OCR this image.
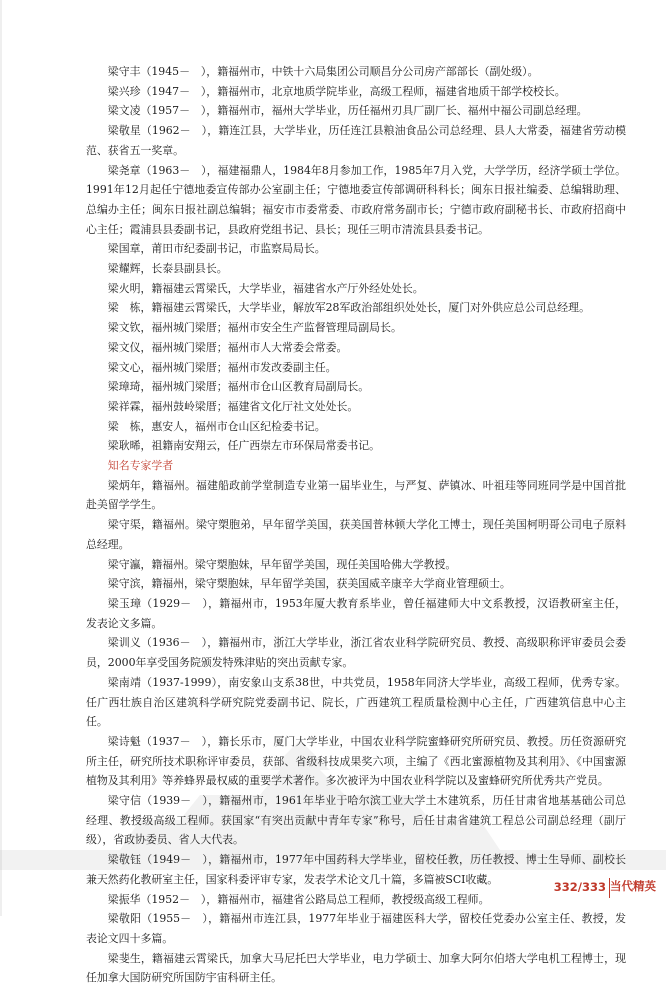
梁守丰（1945－　），籍福州市，中铁十六局集团公司顺昌分公司房产部部长（副处级）。

梁兴珍（1947－　），籍福州市，北京地质学院毕业，高级工程师，福建省地质干部学校校长。

梁文凌（1957－　），籍福州市，福州大学毕业，历任福州刃具厂副厂长、福州中福公司副总经理。

梁敬星（1962－　），籍连江县，大学毕业，历任连江县粮油食品公司总经理、县人大常委，福建省劳动模范、获省五一奖章。

梁尧章（1963－　），福建福鼎人，1984年8月参加工作，1985年7月入党，大学学历，经济学硕士学位。1991年12月起任宁德地委宣传部办公室副主任；宁德地委宣传部调研科科长；闽东日报社编委、总编辑助理、总编办主任；闽东日报社副总编辑；福安市市委常委、市政府常务副市长；宁德市政府副秘书长、市政府招商中心主任；霞浦县县委副书记，县政府党组书记、县长；现任三明市清流县县委书记。

梁国章，莆田市纪委副书记，市监察局局长。

梁耀辉，长泰县副县长。

梁火明，籍福建云霄梁氏，大学毕业，福建省水产厅外经处处长。

梁　栋，籍福建云霄梁氏，大学毕业，解放军28军政治部组织处处长，厦门对外供应总公司总经理。

梁文钦，福州城门梁厝；福州市安全生产监督管理局副局长。

梁文仪，福州城门梁厝；福州市人大常委会常委。

梁文心，福州城门梁厝；福州市发改委副主任。

梁璋琦，福州城门梁厝；福州市仓山区教育局副局长。

梁祥霖，福州鼓岭梁厝；福建省文化厅社文处处长。

梁　栋，惠安人，福州市仓山区纪检委书记。

梁耿晞，祖籍南安翔云，任广西崇左市环保局常委书记。

知名专家学者

梁炳年，籍福州。福建船政前学堂制造专业第一届毕业生，与严复、萨镇冰、叶祖珪等同班同学是中国首批赴美留学学生。

梁守渠，籍福州。梁守槊胞弟，早年留学美国，获美国普林顿大学化工博士，现任美国柯明哥公司电子原料总经理。

梁守瀛，籍福州。梁守槊胞妹，早年留学美国，现任美国哈佛大学教授。

梁守滨，籍福州，梁守槊胞妹，早年留学美国，获美国威辛康辛大学商业管理硕士。

梁玉璋（1929－　），籍福州市，1953年厦大教育系毕业，曾任福建师大中文系教授，汉语教研室主任，发表论文多篇。

梁训义（1936－　），籍福州市，浙江大学毕业，浙江省农业科学院研究员、教授、高级职称评审委员会委员，2000年享受国务院颁发特殊津贴的突出贡献专家。

梁南靖（1937-1999），南安象山支系38世，中共党员，1958年同济大学毕业，高级工程师，优秀专家。任广西壮族自治区建筑科学研究院党委副书记、院长，广西建筑工程质量检测中心主任，广西建筑信息中心主任。

梁诗魁（1937－　），籍长乐市，厦门大学毕业，中国农业科学院蜜蜂研究所研究员、教授。历任资源研究所主任，研究所技术职称评审委员，获部、省级科技成果奖六项，主编了《西北蜜源植物及其利用》、《中国蜜源植物及其利用》等养蜂界最权威的重要学术著作。多次被评为中国农业科学院以及蜜蜂研究所优秀共产党员。

梁守信（1939－　），籍福州市，1961年毕业于哈尔滨工业大学土木建筑系，历任甘肃省地基基础公司总经理、教授级高级工程师。获国家“有突出贡献中青年专家”称号，后任甘肃省建筑工程总公司副总经理（副厅级），省政协委员、省人大代表。

梁敬钰（1949－　），籍福州市，1977年中国药科大学毕业，留校任教，历任教授、博士生导师、副校长兼天然药化教研室主任，国家科委评审专家，发表学术论文几十篇，多篇被SCI收藏。

梁振华（1952－　），籍福州市，福建省公路局总工程师，教授级高级工程师。

梁敬阳（1955－　），籍福州市连江县，1977年毕业于福建医科大学，留校任党委办公室主任、教授，发表论文四十多篇。

梁斐生，籍福建云霄梁氏，加拿大马尼托巴大学毕业，电力学硕士、加拿大阿尔伯塔大学电机工程博士，现任加拿大国防研究所国防宇宙科研主任。

332/333 当代精英
